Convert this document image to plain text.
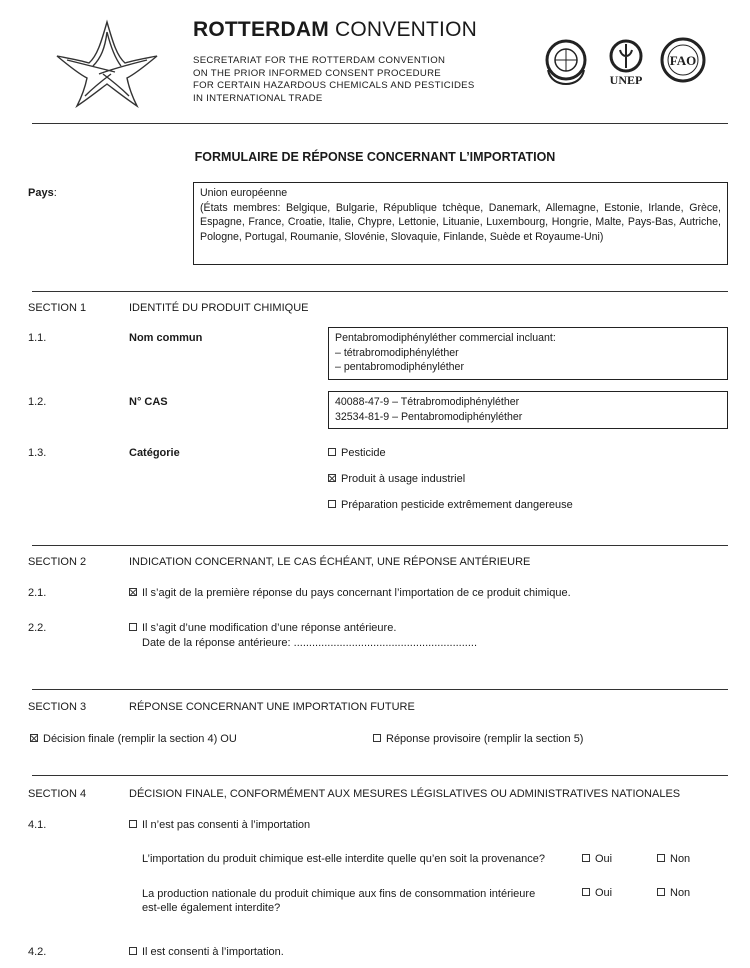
ROTTERDAM CONVENTION
SECRETARIAT FOR THE ROTTERDAM CONVENTION
ON THE PRIOR INFORMED CONSENT PROCEDURE
FOR CERTAIN HAZARDOUS CHEMICALS AND PESTICIDES
IN INTERNATIONAL TRADE
UNEP
FAO
FORMULAIRE DE RÉPONSE CONCERNANT L’IMPORTATION
Pays:	Union européenne
(États membres: Belgique, Bulgarie, République tchèque, Danemark, Allemagne, Estonie, Irlande, Grèce, Espagne, France, Croatie, Italie, Chypre, Lettonie, Lituanie, Luxembourg, Hongrie, Malte, Pays-Bas, Autriche, Pologne, Portugal, Roumanie, Slovénie, Slovaquie, Finlande, Suède et Royaume-Uni)
SECTION 1	IDENTITÉ DU PRODUIT CHIMIQUE
1.1.	Nom commun	Pentabromodiphényléther commercial incluant:
– tétrabromodiphényléther
– pentabromodiphényléther
1.2.	N° CAS	40088-47-9 – Tétrabromodiphényléther
32534-81-9 – Pentabromodiphényléther
1.3.	Catégorie	Pesticide
Produit à usage industriel
Préparation pesticide extrêmement dangereuse
SECTION 2	INDICATION CONCERNANT, LE CAS ÉCHÉANT, UNE RÉPONSE ANTÉRIEURE
2.1.	Il s’agit de la première réponse du pays concernant l’importation de ce produit chimique.
2.2.	Il s’agit d’une modification d’une réponse antérieure.
Date de la réponse antérieure: ............................................................
SECTION 3	RÉPONSE CONCERNANT UNE IMPORTATION FUTURE
Décision finale (remplir la section 4) OU	Réponse provisoire (remplir la section 5)
SECTION 4	DÉCISION FINALE, CONFORMÉMENT AUX MESURES LÉGISLATIVES OU ADMINISTRATIVES NATIONALES
4.1.	Il n’est pas consenti à l’importation
L’importation du produit chimique est-elle interdite quelle qu’en soit la provenance?	Oui	Non
La production nationale du produit chimique aux fins de consommation intérieure
est-elle également interdite?
Oui	Non
4.2.	Il est consenti à l’importation.
